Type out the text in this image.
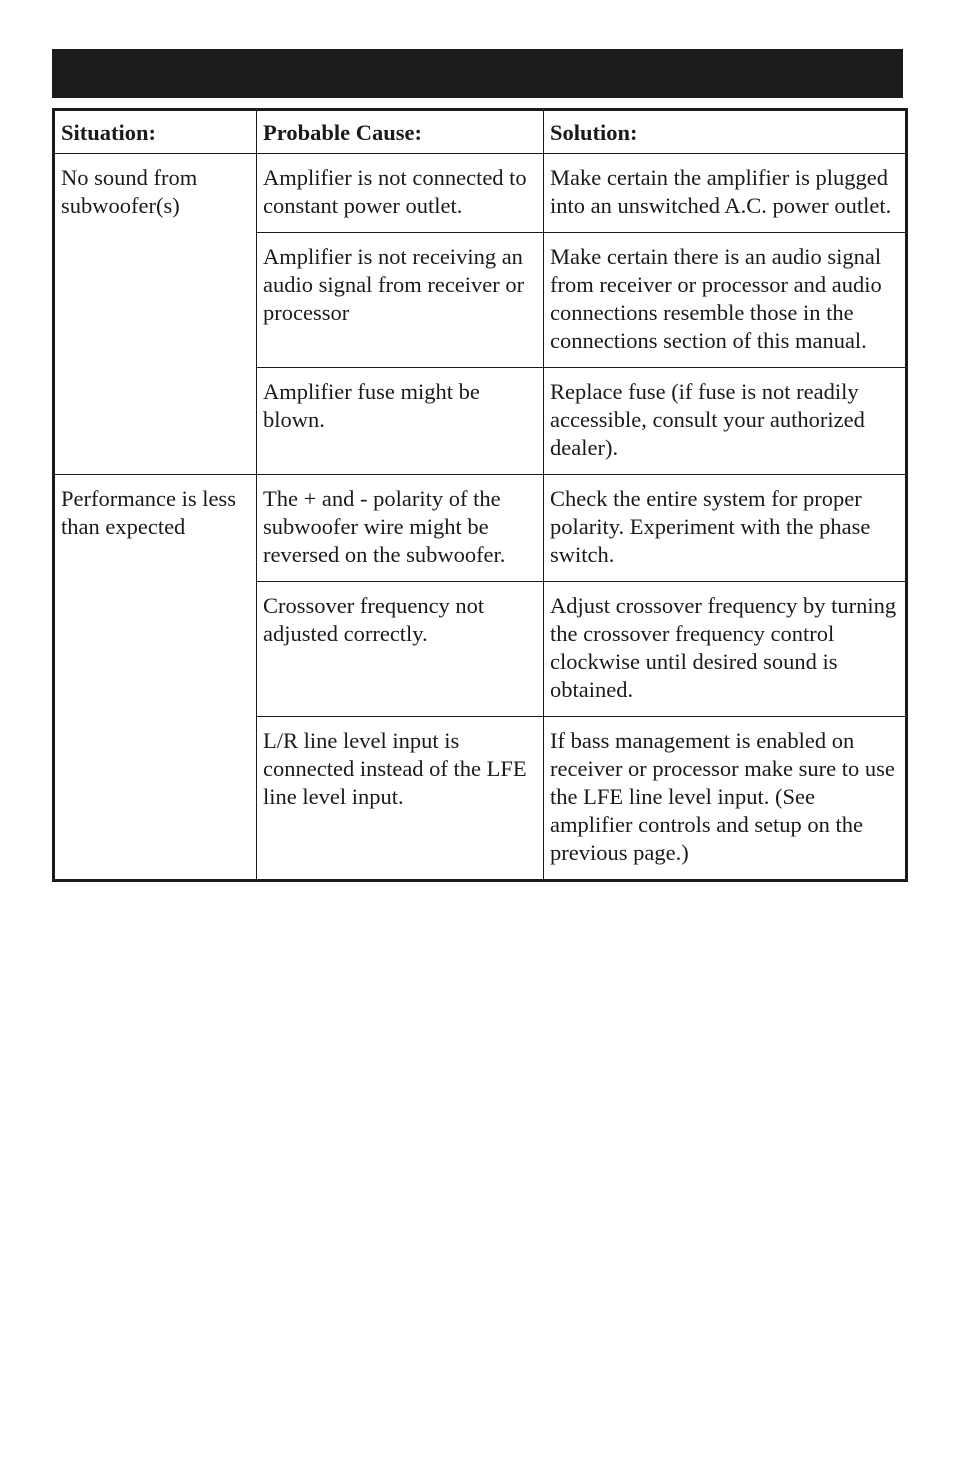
Situation:	Probable Cause:	Solution:
No sound from subwoofer(s)	Amplifier is not connected to constant power outlet.	Make certain the amplifier is plugged into an unswitched A.C. power outlet.
	Amplifier is not receiving an audio signal from receiver or processor	Make certain there is an audio signal from receiver or processor and audio connections resemble those in the connections section of this manual.
	Amplifier fuse might be blown.	Replace fuse (if fuse is not readily accessible, consult your authorized dealer).
Performance is less than expected	The + and - polarity of the subwoofer wire might be reversed on the subwoofer.	Check the entire system for proper polarity. Experiment with the phase switch.
	Crossover frequency not adjusted correctly.	Adjust crossover frequency by turning the crossover frequency control clockwise until desired sound is obtained.
	L/R line level input is connected instead of the LFE line level input.	If bass management is enabled on receiver or processor make sure to use the LFE line level input. (See amplifier controls and setup on the previous page.)
